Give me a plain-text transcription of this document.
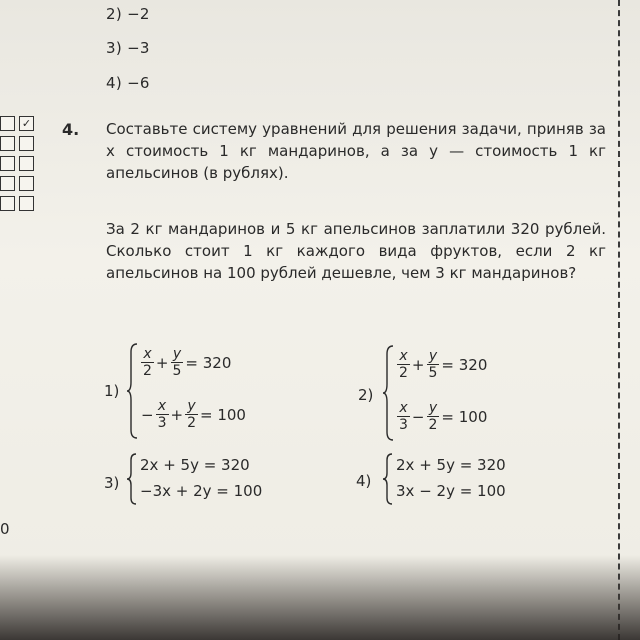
2) −2
3) −3
4) −6
✓ 4. Составьте систему уравнений для решения задачи, приняв за x стоимость 1 кг мандаринов, а за y — стоимость 1 кг апельсинов (в рублях).

За 2 кг мандаринов и 5 кг апельсинов заплатили 320 рублей. Сколько стоит 1 кг каждого вида фруктов, если 2 кг апельсинов на 100 рублей дешевле, чем 3 кг мандаринов?

1)
$\frac{x}{2} + \frac{y}{5} = 320$
− $\frac{x}{3} + \frac{y}{2} = 100$
2)
$\frac{x}{2} + \frac{y}{5} = 320$
$\frac{x}{3} - \frac{y}{2} = 100$
3)
2x + 5y = 320
−3x + 2y = 100
4)
2x + 5y = 320
3x − 2y = 100
0
